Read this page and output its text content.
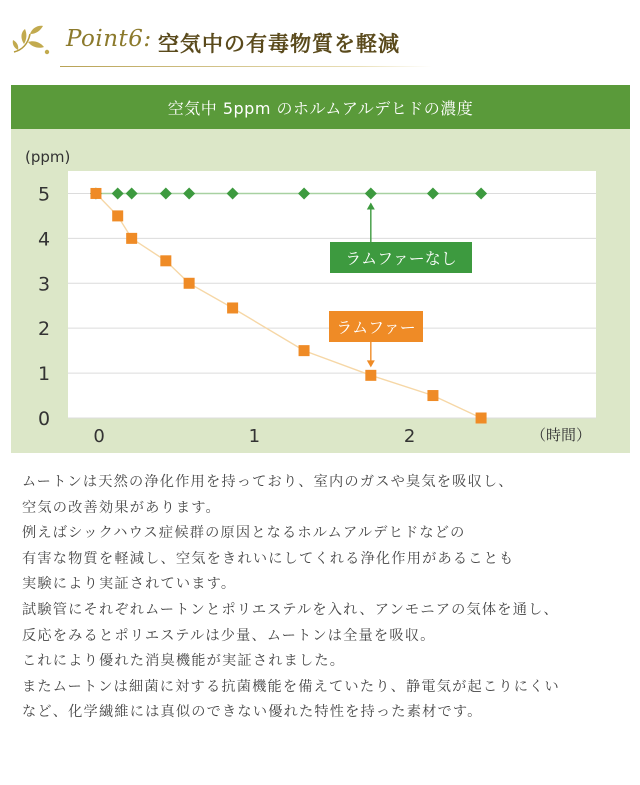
Point6: 空気中の有毒物質を軽減
空気中 5ppm のホルムアルデヒドの濃度
0
1
2
3
4
5
0	1	2
(ppm)
（時間）
ラムファーなし
ラムファー

ムートンは天然の浄化作用を持っており、室内のガスや臭気を吸収し、

空気の改善効果があります。

例えばシックハウス症候群の原因となるホルムアルデヒドなどの

有害な物質を軽減し、空気をきれいにしてくれる浄化作用があることも

実験により実証されています。

試験管にそれぞれムートンとポリエステルを入れ、アンモニアの気体を通し、

反応をみるとポリエステルは少量、ムートンは全量を吸収。

これにより優れた消臭機能が実証されました。

またムートンは細菌に対する抗菌機能を備えていたり、静電気が起こりにくい

など、化学繊維には真似のできない優れた特性を持った素材です。
